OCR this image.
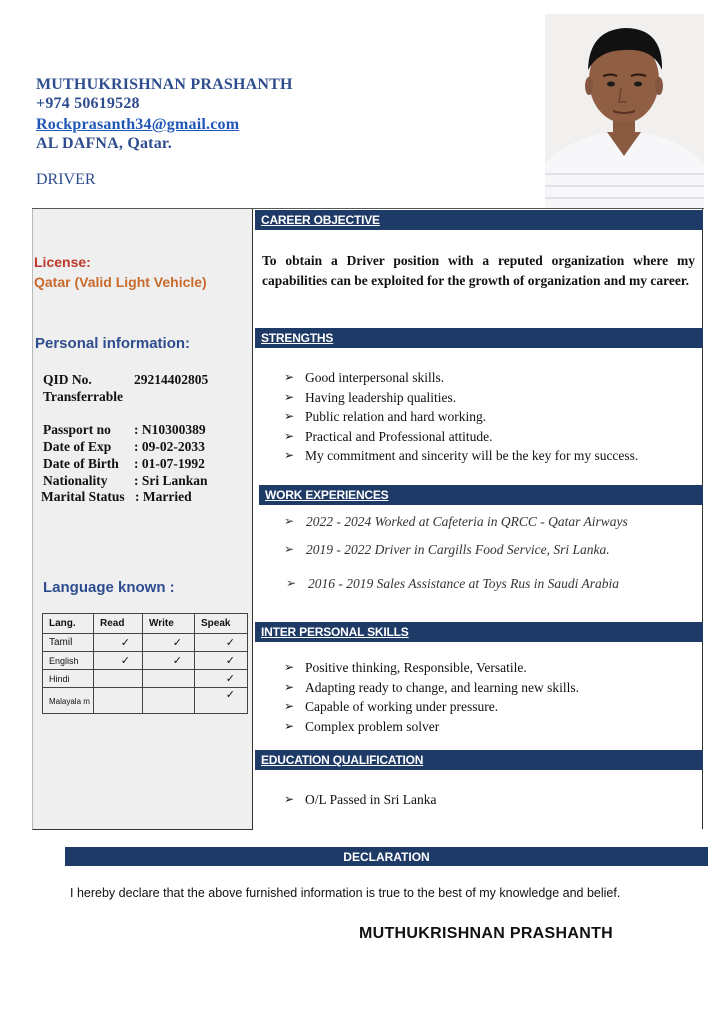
MUTHUKRISHNAN PRASHANTH
+974 50619528
Rockprasanth34@gmail.com
AL DAFNA, Qatar.
DRIVER
License:
Qatar (Valid Light Vehicle)
Personal information:
QID No.	29214402805
Transferrable
Passport no : N10300389
Date of Exp : 09-02-2033
Date of Birth : 01-07-1992
Nationality : Sri Lankan
Marital Status : Married
Language known :
Lang.	Read	Write	Speak
Tamil	✓	✓	✓
English	✓	✓	✓
Hindi			✓
Malayala m			✓
CAREER OBJECTIVE
To obtain a Driver position with a reputed organization where my capabilities can be exploited for the growth of organization and my career.
STRENGTHS
➢ Good interpersonal skills.
➢ Having leadership qualities.
➢ Public relation and hard working.
➢ Practical and Professional attitude.
➢ My commitment and sincerity will be the key for my success.
WORK EXPERIENCES
➢ 2022 - 2024 Worked at Cafeteria in QRCC - Qatar Airways
➢ 2019 - 2022 Driver in Cargills Food Service, Sri Lanka.
➢ 2016 - 2019 Sales Assistance at Toys Rus in Saudi Arabia
INTER PERSONAL SKILLS
➢ Positive thinking, Responsible, Versatile.
➢ Adapting ready to change, and learning new skills.
➢ Capable of working under pressure.
➢ Complex problem solver
EDUCATION QUALIFICATION
➢ O/L Passed in Sri Lanka
DECLARATION
I hereby declare that the above furnished information is true to the best of my knowledge and belief.
MUTHUKRISHNAN PRASHANTH
